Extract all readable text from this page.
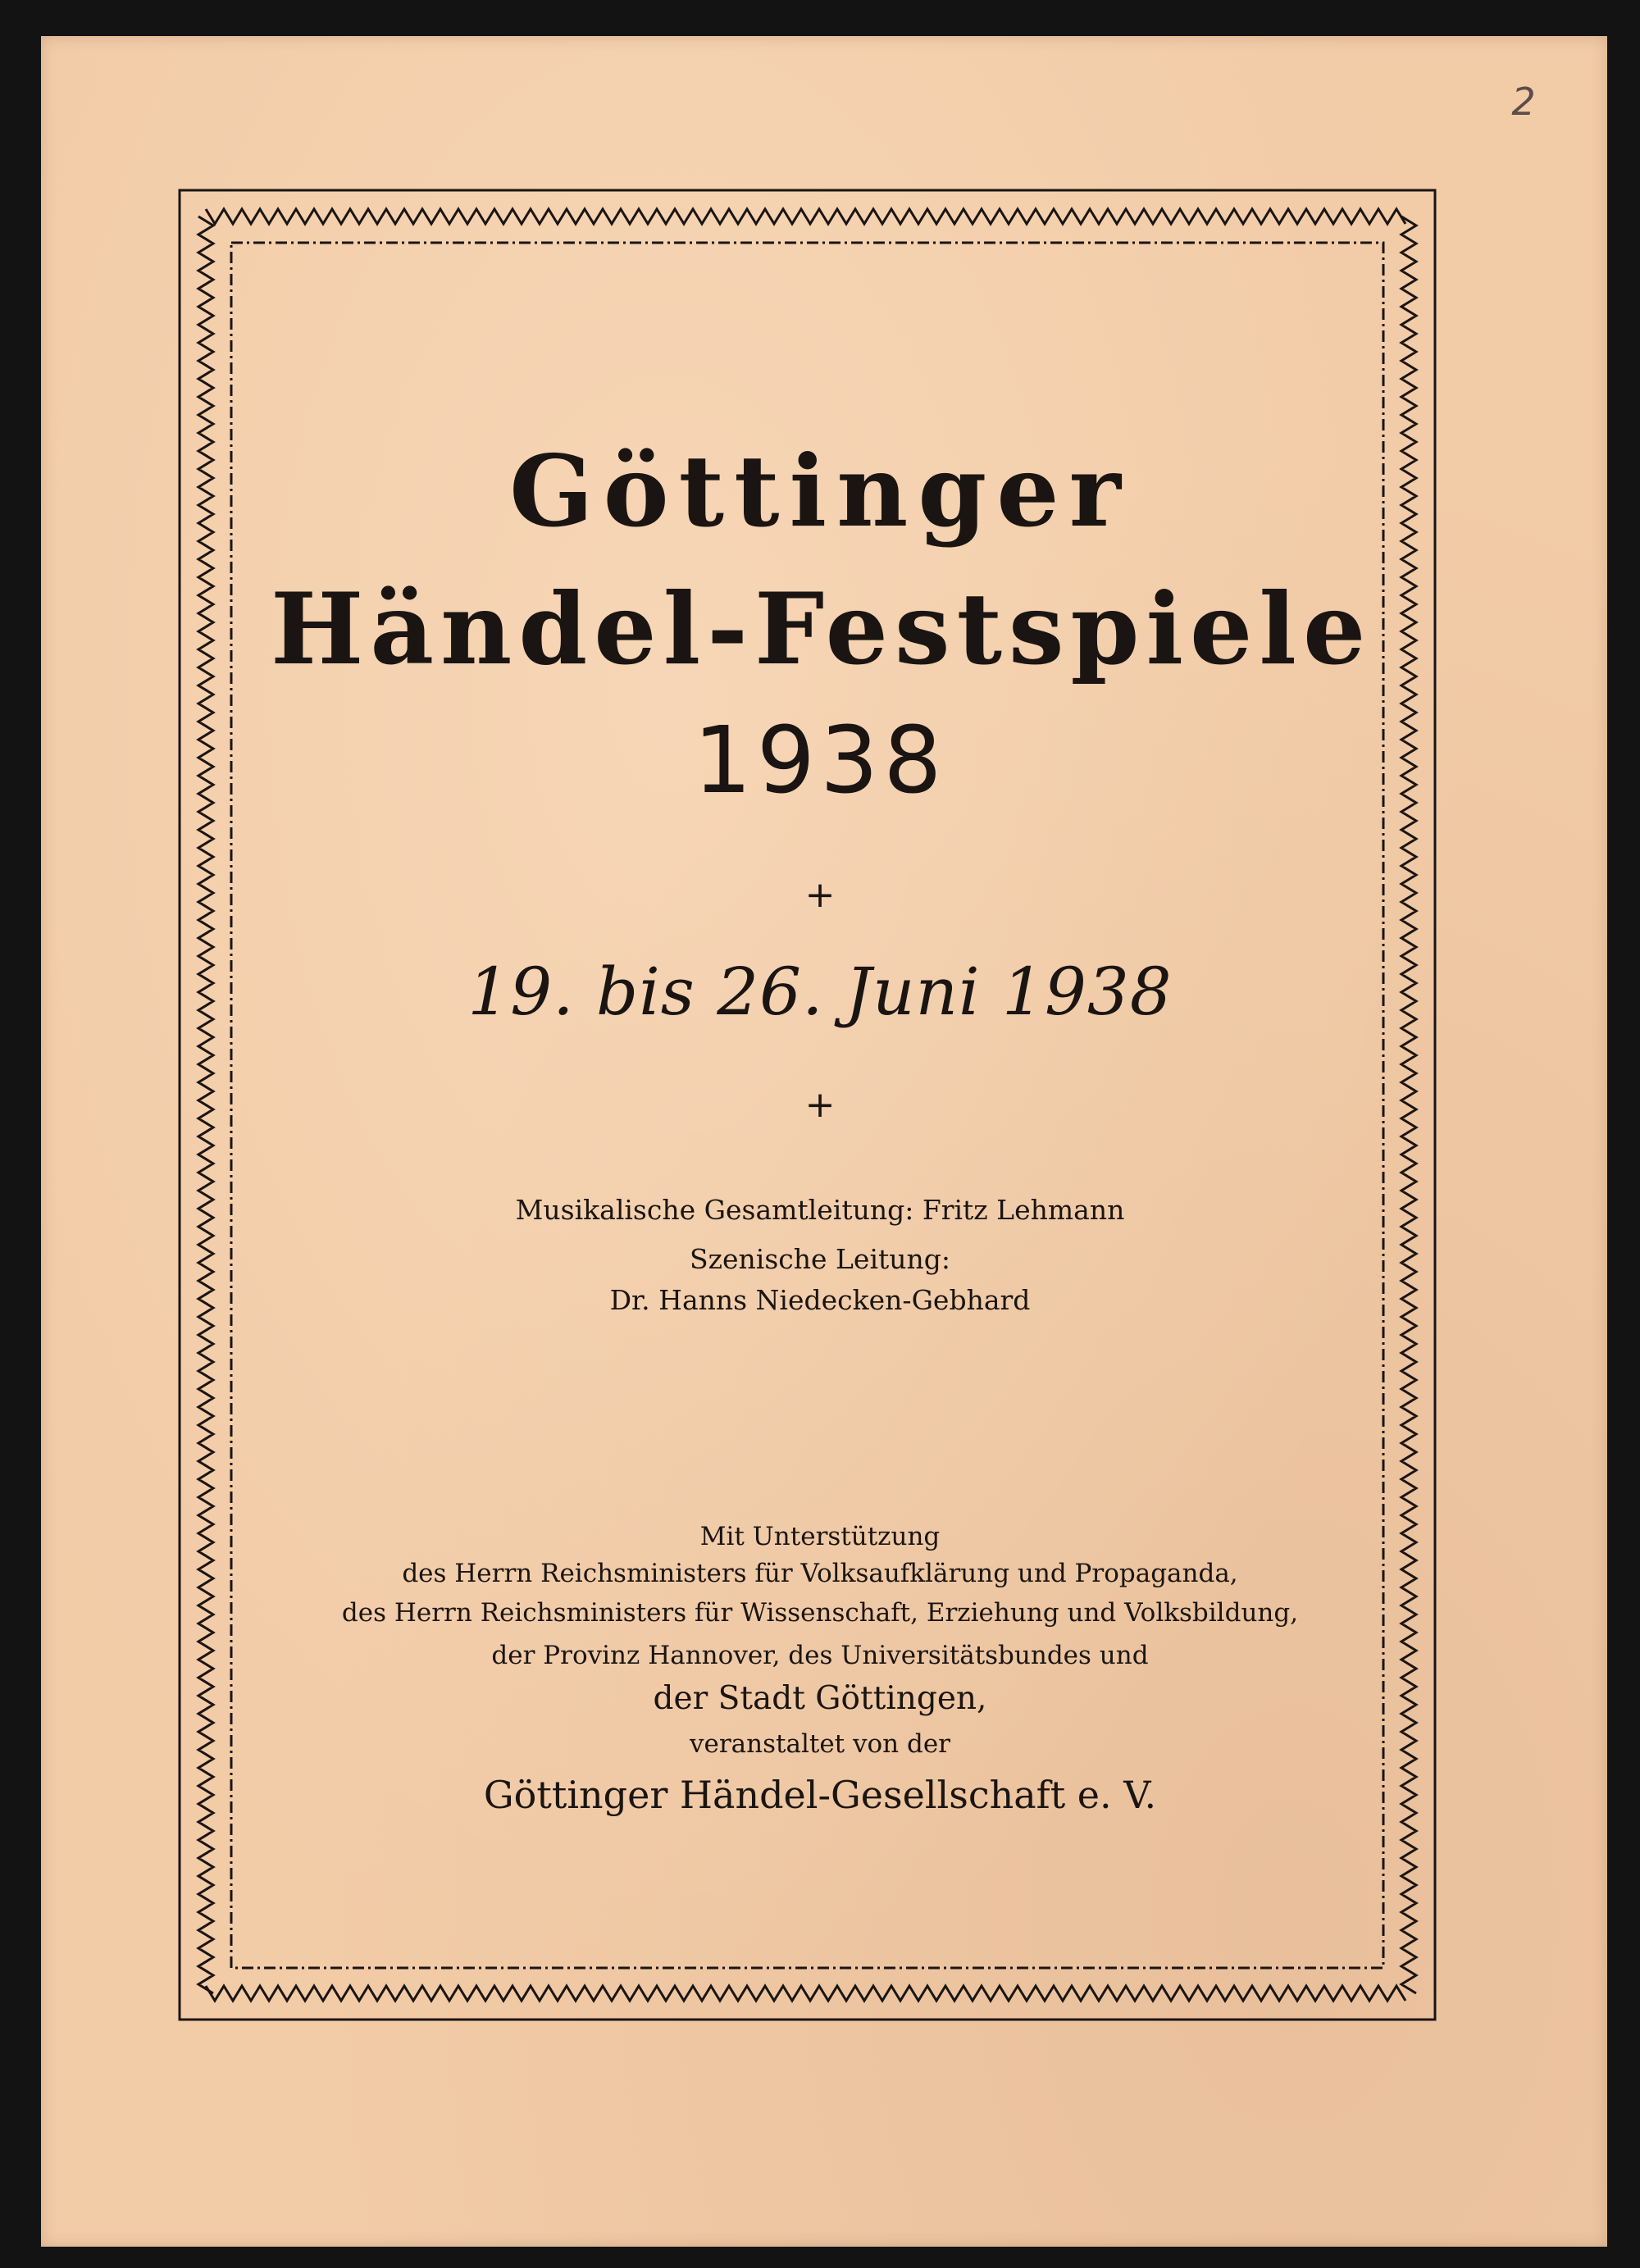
2
Göttinger
Händel-Festspiele
1938
+
19. bis 26. Juni 1938
+
Musikalische Gesamtleitung: Fritz Lehmann
Szenische Leitung:
Dr. Hanns Niedecken-Gebhard
Mit Unterstützung
des Herrn Reichsministers für Volksaufklärung und Propaganda,
des Herrn Reichsministers für Wissenschaft, Erziehung und Volksbildung,
der Provinz Hannover, des Universitätsbundes und
der Stadt Göttingen,
veranstaltet von der
Göttinger Händel-Gesellschaft e. V.
